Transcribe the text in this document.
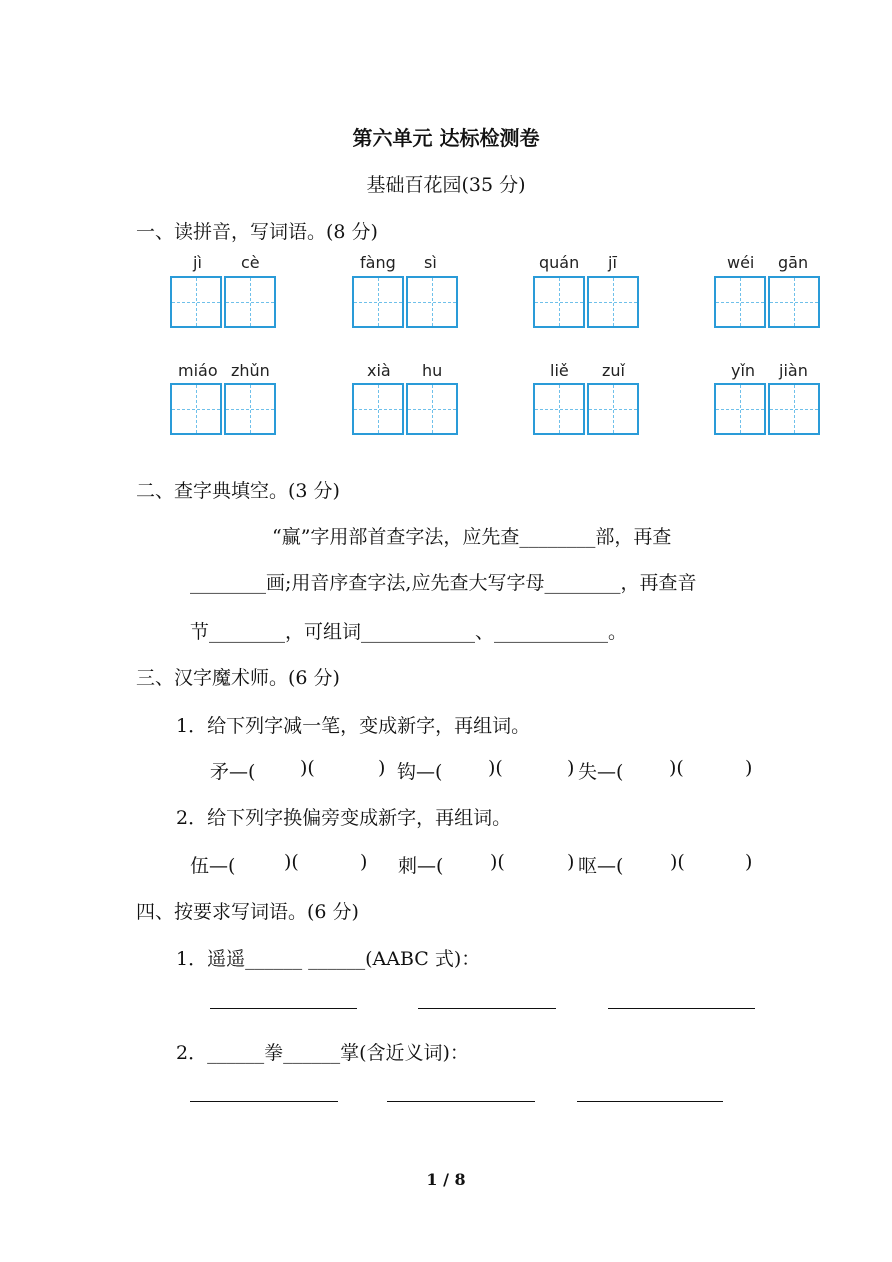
第六单元 达标检测卷
基础百花园(35 分)
一、读拼音，写词语。(8 分)
jì cè	fàng sì	quán jī	wéi gān
miáo zhǔn	xià hu	liě zuǐ	yǐn jiàn
二、查字典填空。(3 分)
“赢”字用部首查字法，应先查________部，再查
________画;用音序查字法,应先查大写字母________，再查音
节________，可组词____________、____________。
三、汉字魔术师。(6 分)
1．给下列字减一笔，变成新字，再组词。
矛—( )(	) 钩—( )(	) 失—( )(	)
2．给下列字换偏旁变成新字，再组词。
伍—(	)(	) 刺—( )(	) 呕—( )(	)
四、按要求写词语。(6 分)
1．遥遥______ ______(AABC 式)：
2．______拳______掌(含近义词)：
1 / 8
